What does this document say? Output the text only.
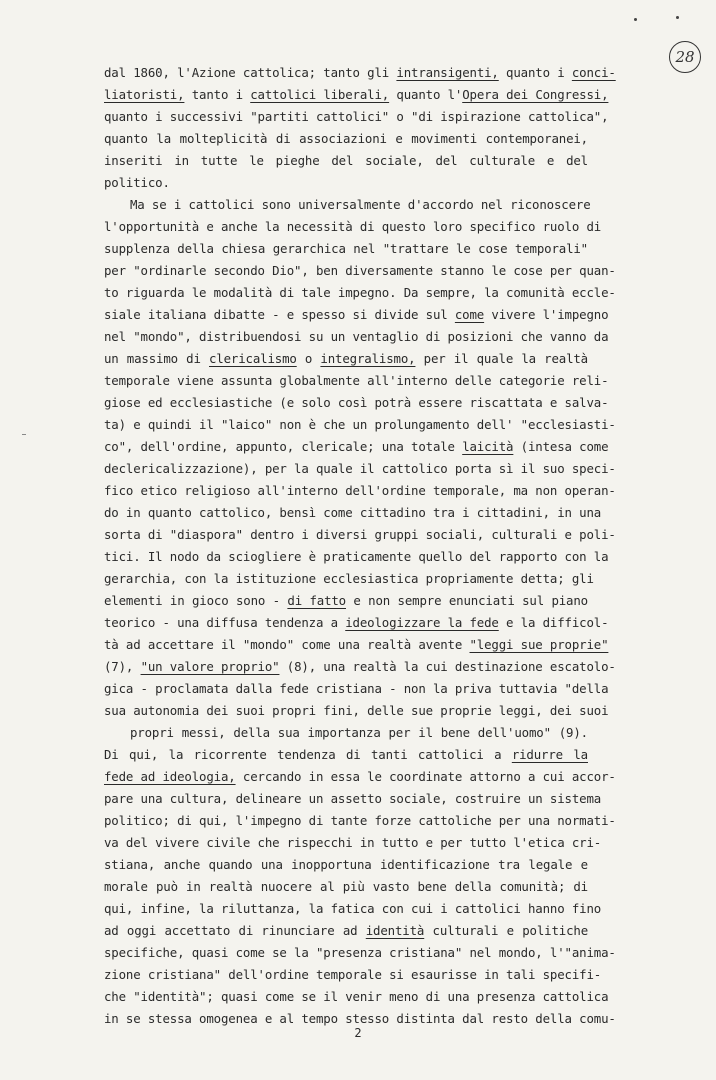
28
dal 1860, l'Azione cattolica; tanto gli intransigenti, quanto i conci-
liatoristi, tanto i cattolici liberali, quanto l'Opera dei Congressi,
quanto i successivi "partiti cattolici" o "di ispirazione cattolica",
quanto la molteplicità di associazioni e movimenti contemporanei,
inseriti in tutte le pieghe del sociale, del culturale e del
politico.
Ma se i cattolici sono universalmente d'accordo nel riconoscere
l'opportunità e anche la necessità di questo loro specifico ruolo di
supplenza della chiesa gerarchica nel "trattare le cose temporali"
per "ordinarle secondo Dio", ben diversamente stanno le cose per quan-
to riguarda le modalità di tale impegno. Da sempre, la comunità eccle-
siale italiana dibatte - e spesso si divide sul come vivere l'impegno
nel "mondo", distribuendosi su un ventaglio di posizioni che vanno da
un massimo di clericalismo o integralismo, per il quale la realtà
temporale viene assunta globalmente all'interno delle categorie reli-
giose ed ecclesiastiche (e solo così potrà essere riscattata e salva-
ta) e quindi il "laico" non è che un prolungamento dell' "ecclesiasti-
co", dell'ordine, appunto, clericale; una totale laicità (intesa come
declericalizzazione), per la quale il cattolico porta sì il suo speci-
fico etico religioso all'interno dell'ordine temporale, ma non operan-
do in quanto cattolico, bensì come cittadino tra i cittadini, in una
sorta di "diaspora" dentro i diversi gruppi sociali, culturali e poli-
tici. Il nodo da sciogliere è praticamente quello del rapporto con la
gerarchia, con la istituzione ecclesiastica propriamente detta; gli
elementi in gioco sono - di fatto e non sempre enunciati sul piano
teorico - una diffusa tendenza a ideologizzare la fede e la difficol-
tà ad accettare il "mondo" come una realtà avente "leggi sue proprie"
(7), "un valore proprio" (8), una realtà la cui destinazione escatolo-
gica - proclamata dalla fede cristiana - non la priva tuttavia "della
sua autonomia dei suoi propri fini, delle sue proprie leggi, dei suoi
propri messi, della sua importanza per il bene dell'uomo" (9).
Di qui, la ricorrente tendenza di tanti cattolici a ridurre la
fede ad ideologia, cercando in essa le coordinate attorno a cui accor-
pare una cultura, delineare un assetto sociale, costruire un sistema
politico; di qui, l'impegno di tante forze cattoliche per una normati-
va del vivere civile che rispecchi in tutto e per tutto l'etica cri-
stiana, anche quando una inopportuna identificazione tra legale e
morale può in realtà nuocere al più vasto bene della comunità; di
qui, infine, la riluttanza, la fatica con cui i cattolici hanno fino
ad oggi accettato di rinunciare ad identità culturali e politiche
specifiche, quasi come se la "presenza cristiana" nel mondo, l'"anima-
zione cristiana" dell'ordine temporale si esaurisse in tali specifi-
che "identità"; quasi come se il venir meno di una presenza cattolica
in se stessa omogenea e al tempo stesso distinta dal resto della comu-
2
